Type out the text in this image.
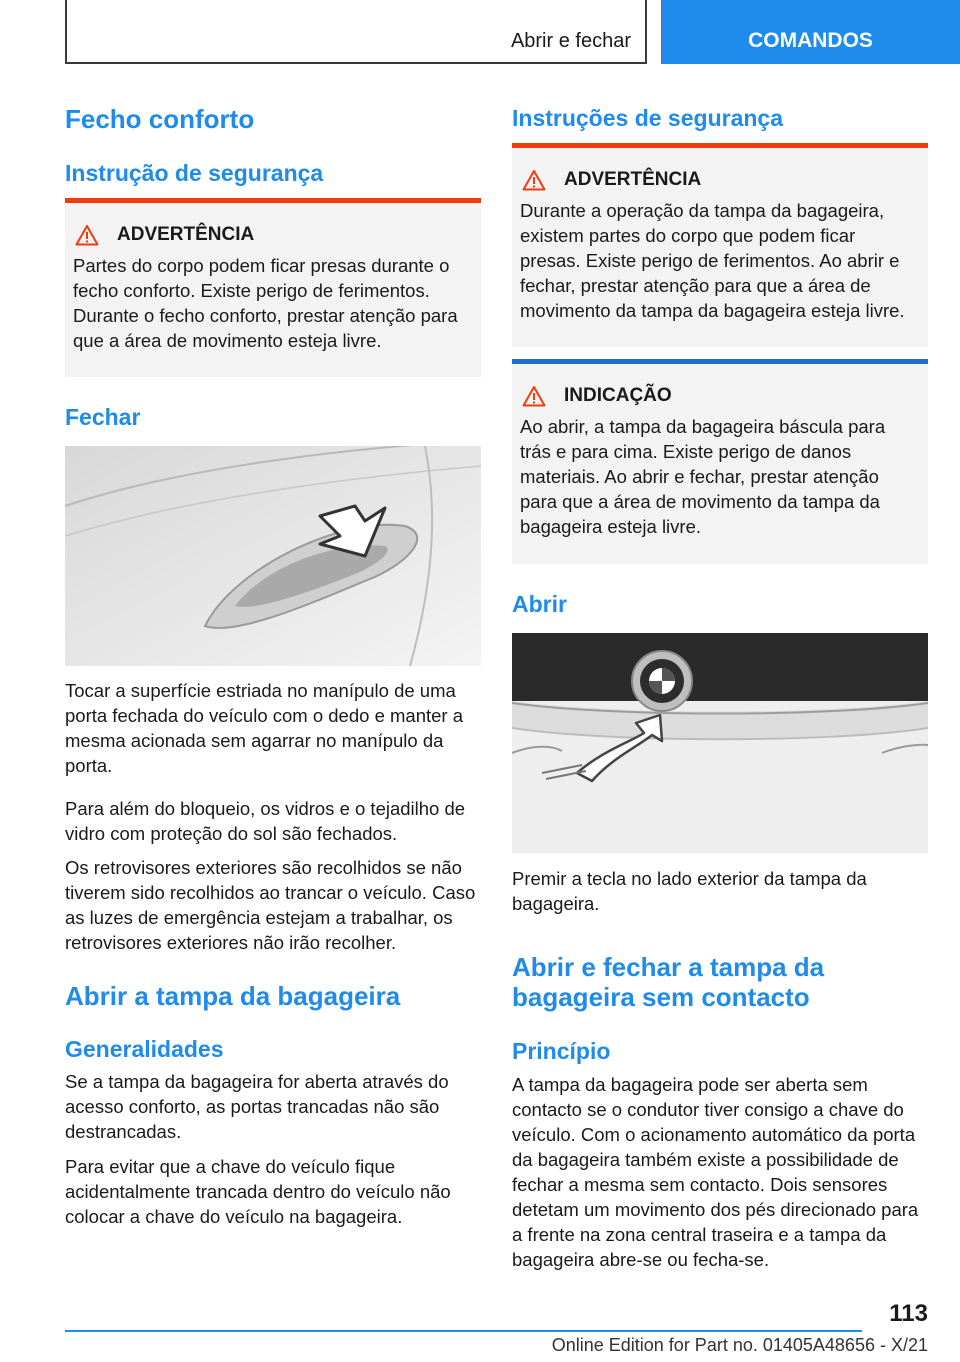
Abrir e fechar	COMANDOS
Fecho conforto
Instrução de segurança
ADVERTÊNCIA
Partes do corpo podem ficar presas durante o fecho conforto. Existe perigo de ferimentos. Durante o fecho conforto, prestar atenção para que a área de movimento esteja livre.
Fechar
Tocar a superfície estriada no manípulo de uma porta fechada do veículo com o dedo e manter a mesma acionada sem agarrar no manípulo da porta.
Para além do bloqueio, os vidros e o tejadilho de vidro com proteção do sol são fechados.
Os retrovisores exteriores são recolhidos se não tiverem sido recolhidos ao trancar o veículo. Caso as luzes de emergência estejam a trabalhar, os retrovisores exteriores não irão recolher.
Abrir a tampa da bagageira
Generalidades
Se a tampa da bagageira for aberta através do acesso conforto, as portas trancadas não são destrancadas.
Para evitar que a chave do veículo fique acidentalmente trancada dentro do veículo não colocar a chave do veículo na bagageira.
Instruções de segurança
ADVERTÊNCIA
Durante a operação da tampa da bagageira, existem partes do corpo que podem ficar presas. Existe perigo de ferimentos. Ao abrir e fechar, prestar atenção para que a área de movimento da tampa da bagageira esteja livre.
INDICAÇÃO
Ao abrir, a tampa da bagageira báscula para trás e para cima. Existe perigo de danos materiais. Ao abrir e fechar, prestar atenção para que a área de movimento da tampa da bagageira esteja livre.
Abrir
Premir a tecla no lado exterior da tampa da bagageira.
Abrir e fechar a tampa da bagageira sem contacto
Princípio
A tampa da bagageira pode ser aberta sem contacto se o condutor tiver consigo a chave do veículo. Com o acionamento automático da porta da bagageira também existe a possibilidade de fechar a mesma sem contacto. Dois sensores detetam um movimento dos pés direcionado para a frente na zona central traseira e a tampa da bagageira abre-se ou fecha-se.
113
Online Edition for Part no. 01405A48656 - X/21
